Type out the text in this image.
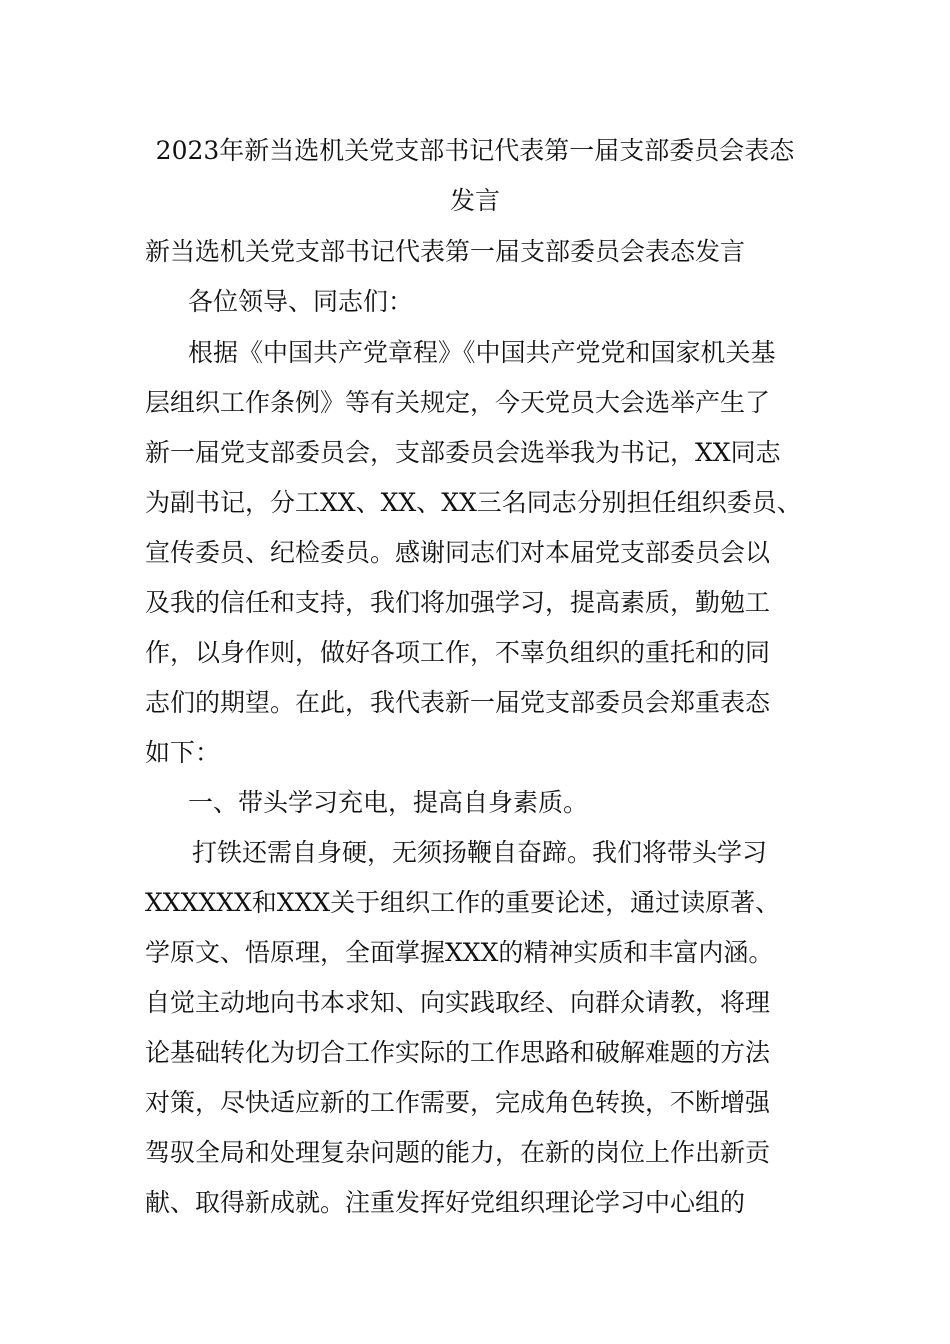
2023年新当选机关党支部书记代表第一届支部委员会表态
发言
新当选机关党支部书记代表第一届支部委员会表态发言
各位领导、同志们：
根据《中国共产党章程》《中国共产党党和国家机关基
层组织工作条例》等有关规定，今天党员大会选举产生了
新一届党支部委员会，支部委员会选举我为书记，XX同志
为副书记，分工XX、XX、XX三名同志分别担任组织委员、
宣传委员、纪检委员。感谢同志们对本届党支部委员会以
及我的信任和支持，我们将加强学习，提高素质，勤勉工
作，以身作则，做好各项工作，不辜负组织的重托和的同
志们的期望。在此，我代表新一届党支部委员会郑重表态
如下：
一、带头学习充电，提高自身素质。
打铁还需自身硬，无须扬鞭自奋蹄。我们将带头学习
XXXXXX和XXX关于组织工作的重要论述，通过读原著、
学原文、悟原理，全面掌握XXX的精神实质和丰富内涵。
自觉主动地向书本求知、向实践取经、向群众请教，将理
论基础转化为切合工作实际的工作思路和破解难题的方法
对策，尽快适应新的工作需要，完成角色转换，不断增强
驾驭全局和处理复杂问题的能力，在新的岗位上作出新贡
献、取得新成就。注重发挥好党组织理论学习中心组的
